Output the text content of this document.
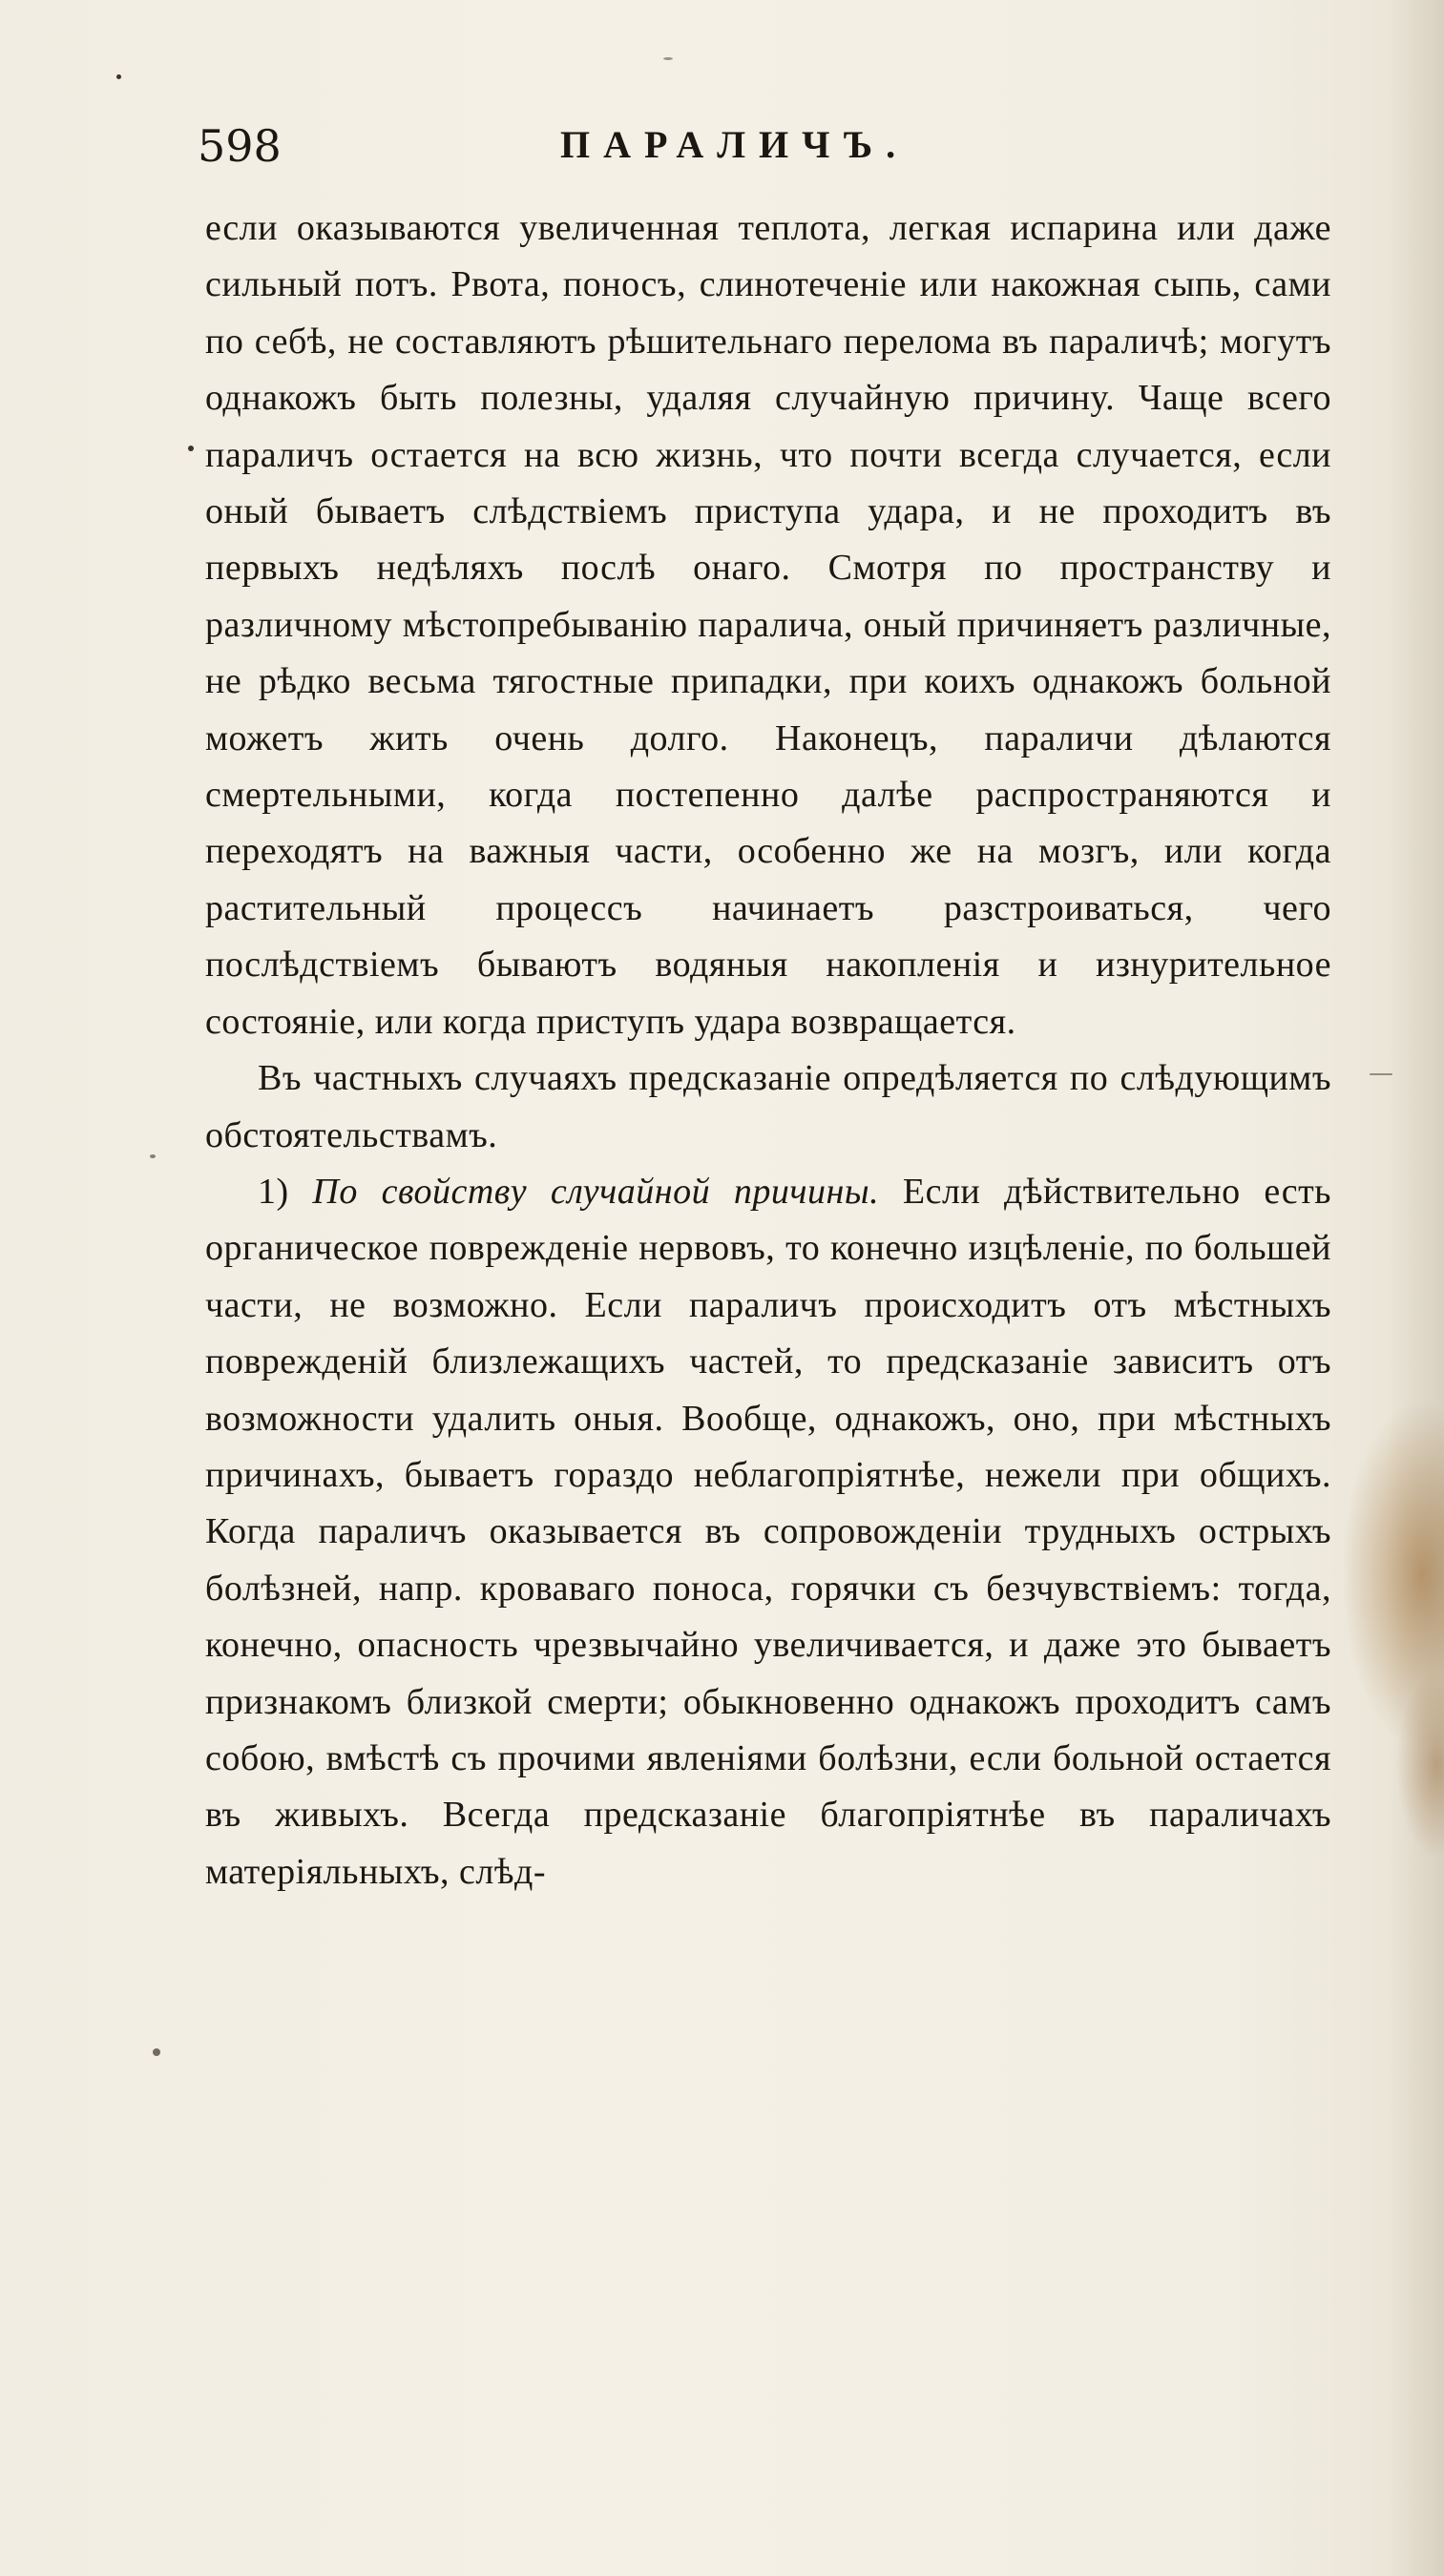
598	ПАРАЛИЧЪ.

если оказываются увеличенная теплота, легкая испарина или даже сильный потъ. Рвота, поносъ, слинотеченіе или накожная сыпь, сами по себѣ, не составляютъ рѣшительнаго перелома въ параличѣ; могутъ однакожъ быть полезны, удаляя случайную причину. Чаще всего параличъ остается на всю жизнь, что почти всегда случается, если оный бываетъ слѣдствіемъ приступа удара, и не проходитъ въ первыхъ недѣляхъ послѣ онаго. Смотря по пространству и различному мѣстопребыванію паралича, оный причиняетъ различные, не рѣдко весьма тягостные припадки, при коихъ однакожъ больной можетъ жить очень долго. Наконецъ, параличи дѣлаются смертельными, когда постепенно далѣе распространяются и переходятъ на важныя части, особенно же на мозгъ, или когда растительный процессъ начинаетъ разстроиваться, чего послѣдствіемъ бываютъ водяныя накопленія и изнурительное состояніе, или когда приступъ удара возвращается.

Въ частныхъ случаяхъ предсказаніе опредѣляется по слѣдующимъ обстоятельствамъ.

1) По свойству случайной причины. Если дѣйствительно есть органическое поврежденіе нервовъ, то конечно изцѣленіе, по большей части, не возможно. Если параличъ происходитъ отъ мѣстныхъ поврежденій близлежащихъ частей, то предсказаніе зависитъ отъ возможности удалить оныя. Вообще, однакожъ, оно, при мѣстныхъ причинахъ, бываетъ гораздо неблагопріятнѣе, нежели при общихъ. Когда параличъ оказывается въ сопровожденіи трудныхъ острыхъ болѣзней, напр. кроваваго поноса, горячки съ безчувствіемъ: тогда, конечно, опасность чрезвычайно увеличивается, и даже это бываетъ признакомъ близкой смерти; обыкновенно однакожъ проходитъ самъ собою, вмѣстѣ съ прочими явленіями болѣзни, если больной остается въ живыхъ. Всегда предсказаніе благопріятнѣе въ параличахъ матеріяльныхъ, слѣд-
